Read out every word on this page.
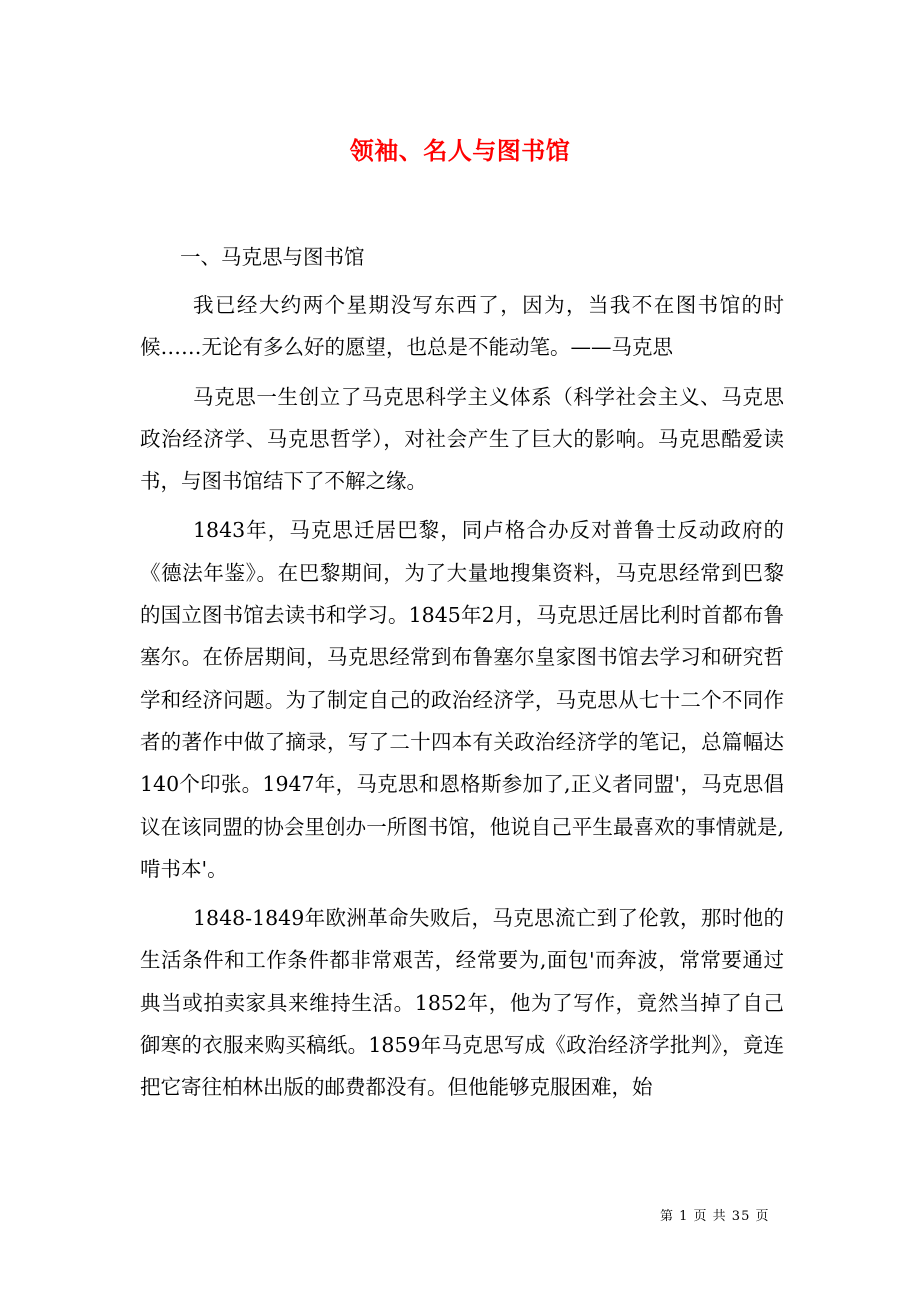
领袖、名人与图书馆
一、马克思与图书馆

我已经大约两个星期没写东西了，因为，当我不在图书馆的时候……无论有多么好的愿望，也总是不能动笔。——马克思

马克思一生创立了马克思科学主义体系（科学社会主义、马克思政治经济学、马克思哲学），对社会产生了巨大的影响。马克思酷爱读书，与图书馆结下了不解之缘。

1843年，马克思迁居巴黎，同卢格合办反对普鲁士反动政府的《德法年鉴》。在巴黎期间，为了大量地搜集资料，马克思经常到巴黎的国立图书馆去读书和学习。1845年2月，马克思迁居比利时首都布鲁塞尔。在侨居期间，马克思经常到布鲁塞尔皇家图书馆去学习和研究哲学和经济问题。为了制定自己的政治经济学，马克思从七十二个不同作者的著作中做了摘录，写了二十四本有关政治经济学的笔记，总篇幅达140个印张。1947年，马克思和恩格斯参加了,正义者同盟'，马克思倡议在该同盟的协会里创办一所图书馆，他说自己平生最喜欢的事情就是,啃书本'。

1848-1849年欧洲革命失败后，马克思流亡到了伦敦，那时他的生活条件和工作条件都非常艰苦，经常要为,面包'而奔波，常常要通过典当或拍卖家具来维持生活。1852年，他为了写作，竟然当掉了自己御寒的衣服来购买稿纸。1859年马克思写成《政治经济学批判》，竟连把它寄往柏林出版的邮费都没有。但他能够克服困难，始

第 1 页 共 35 页
